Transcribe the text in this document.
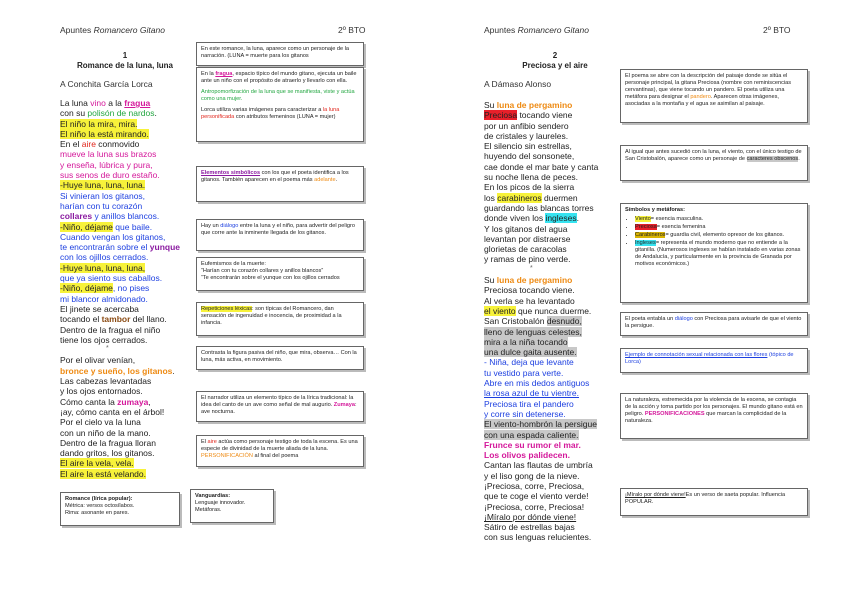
Apuntes Romancero Gitano	2º BTO
1
Romance de la luna, luna
A Conchita García Lorca
La luna vino a la fragua
con su polisón de nardos.
El niño la mira, mira.
El niño la está mirando.
En el aire conmovido
mueve la luna sus brazos
y enseña, lúbrica y pura,
sus senos de duro estaño.
-Huye luna, luna, luna.
Si vinieran los gitanos,
harían con tu corazón
collares y anillos blancos.
-Niño, déjame que baile.
Cuando vengan los gitanos,
te encontrarán sobre el yunque
con los ojillos cerrados.
-Huye luna, luna, luna,
que ya siento sus caballos.
-Niño, déjame, no pises
mi blancor almidonado.
El jinete se acercaba
tocando el tambor del llano.
Dentro de la fragua el niño
tiene los ojos cerrados.
*
Por el olivar venían,
bronce y sueño, los gitanos.
Las cabezas levantadas
y los ojos entornados.
Cómo canta la zumaya,
¡ay, cómo canta en el árbol!
Por el cielo va la luna
con un niño de la mano.
Dentro de la fragua lloran
dando gritos, los gitanos.
El aire la vela, vela.
El aire la está velando.
Romance (lírica popular):
Métrica: versos octosílabos.
Rima: asonante en pares.
En este romance, la luna, aparece como un personaje de la narración. (LUNA = muerte para los gitanos

En la fragua, espacio típico del mundo gitano, ejecuta un baile ante un niño con el propósito de atraerlo y llevarlo con ella.

Antropomorfización de la luna que se manifiesta, viste y actúa como una mujer.

Lorca utiliza varias imágenes para caracterizar a la luna personificada con atributos femeninos (LUNA = mujer)

Elementos simbólicos con los que el poeta identifica a los gitanos. También aparecen en el poema más adelante.
Hay un diálogo entre la luna y el niño, para advertir del peligro que corre ante la inminente llegada de los gitanos.
Eufemismos de la muerte:
“Harían con tu corazón collares y anillos blancos”
“Te encontrarán sobre el yunque con los ojillos cerrados
Repeticiones léxicas: son típicas del Romancero, dan sensación de ingenuidad e inocencia, de proximidad a la infancia.
Contrasta la figura pasiva del niño, que mira, observa… Con la luna, más activa, en movimiento.
El narrador utiliza un elemento típico de la lírica tradicional: la idea del canto de un ave como señal de mal augurio. Zumaya: ave nocturna.
El aire actúa como personaje testigo de toda la escena. Es una especie de divinidad de la muerte aliada de la luna. PERSONIFICACIÓN al final del poema
Vanguardias:
Lenguaje innovador.
Metáforas.
Apuntes Romancero Gitano	2º BTO
2
Preciosa y el aire
A Dámaso Alonso
Su luna de pergamino
Preciosa tocando viene
por un anfibio sendero
de cristales y laureles.
El silencio sin estrellas,
huyendo del sonsonete,
cae donde el mar bate y canta
su noche llena de peces.
En los picos de la sierra
los carabineros duermen
guardando las blancas torres
donde viven los ingleses.
Y los gitanos del agua
levantan por distraerse
glorietas de caracolas
y ramas de pino verde.
*
Su luna de pergamino
Preciosa tocando viene.
Al verla se ha levantado
el viento que nunca duerme.
San Cristobalón desnudo,
lleno de lenguas celestes,
mira a la niña tocando
una dulce gaita ausente.
- Niña, deja que levante
tu vestido para verte.
Abre en mis dedos antiguos
la rosa azul de tu vientre.
Preciosa tira el pandero
y corre sin detenerse.
El viento-hombrón la persigue
con una espada caliente.
Frunce su rumor el mar.
Los olivos palidecen.
Cantan las flautas de umbría
y el liso gong de la nieve.
¡Preciosa, corre, Preciosa,
que te coge el viento verde!
¡Preciosa, corre, Preciosa!
¡Míralo por dónde viene!
Sátiro de estrellas bajas
con sus lenguas relucientes.
El poema se abre con la descripción del paisaje donde se sitúa el personaje principal, la gitana Preciosa (nombre con reminiscencias cervantinas), que viene tocando un pandero. El poeta utiliza una metáfora para designar el pandero. Aparecen otras imágenes, asociadas a la montaña y el agua se asimilan al paisaje.
Al igual que antes sucedió con la luna, el viento, con el único testigo de San Cristobalón, aparece como un personaje de caracteres obscenos.
Símbolos y metáforas:
• Viento= esencia masculina.
• Preciosa= esencia femenina
• Carabineros= guardia civil, elemento opresor de los gitanos.
• Ingleses= representa el mundo moderno que no entiende a la gitanilla. (Numerosos ingleses se habían instalado en varias zonas de Andalucía, y particularmente en la provincia de Granada por motivos económicos.)
El poeta entabla un diálogo con Preciosa para avisarle de que el viento la persigue.
Ejemplo de connotación sexual relacionada con las flores (tópico de Lorca)
La naturaleza, estremecida por la violencia de la escena, se contagia de la acción y toma partido por los personajes. El mundo gitano está en peligro. PERSONIFICACIONES que marcan la complicidad de la naturaleza.
¡Míralo por dónde viene!Es un verso de saeta popular. Influencia POPULAR.
